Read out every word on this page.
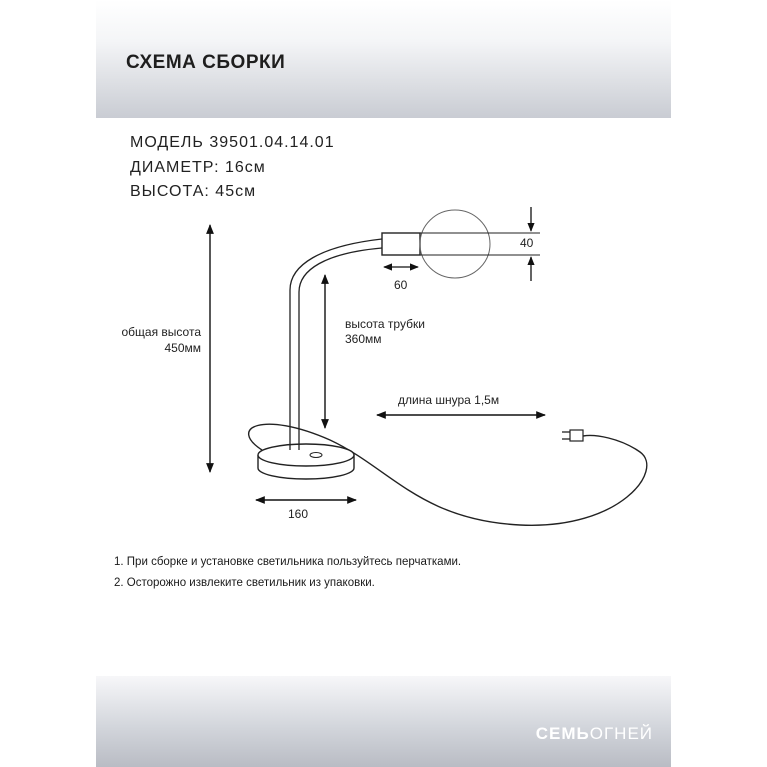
СХЕМА СБОРКИ
МОДЕЛЬ 39501.04.14.01
ДИАМЕТР: 16см
ВЫСОТА: 45см
1. При сборке и установке светильника пользуйтесь перчатками.
2. Осторожно извлеките светильник из упаковки.
СЕМЬОГНЕЙ
40
60
общая высота
450мм
высота трубки
360мм
длина шнура 1,5м
160
